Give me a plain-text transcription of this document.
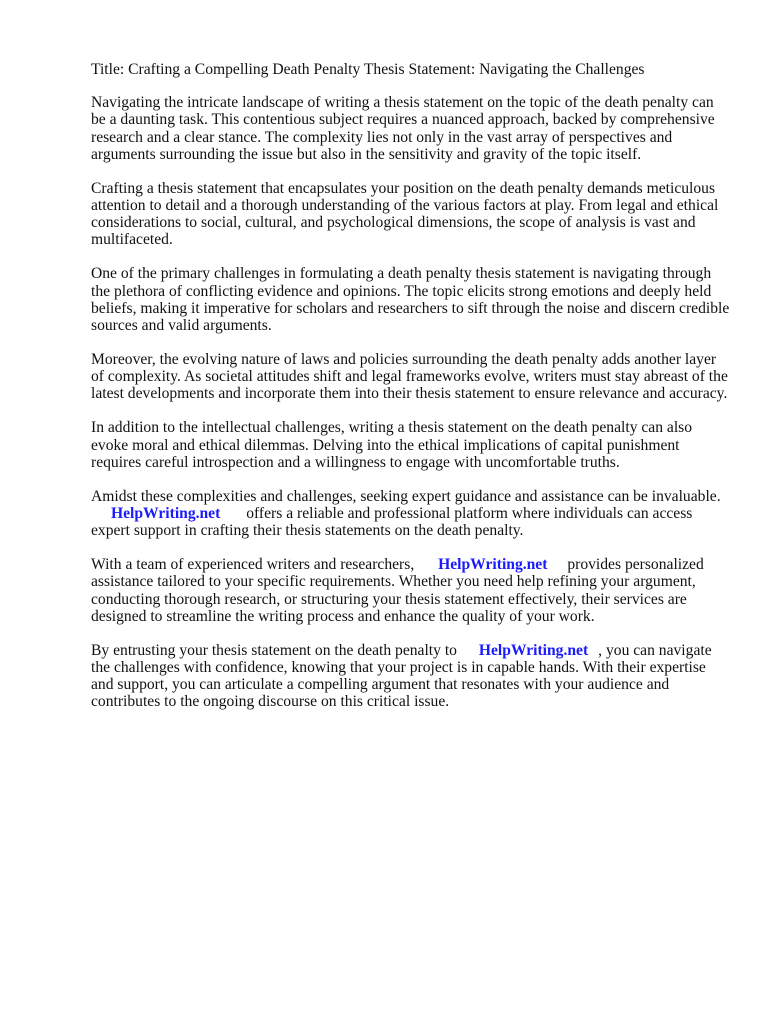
Title: Crafting a Compelling Death Penalty Thesis Statement: Navigating the Challenges

Navigating the intricate landscape of writing a thesis statement on the topic of the death penalty can be a daunting task. This contentious subject requires a nuanced approach, backed by comprehensive research and a clear stance. The complexity lies not only in the vast array of perspectives and arguments surrounding the issue but also in the sensitivity and gravity of the topic itself.

Crafting a thesis statement that encapsulates your position on the death penalty demands meticulous attention to detail and a thorough understanding of the various factors at play. From legal and ethical considerations to social, cultural, and psychological dimensions, the scope of analysis is vast and multifaceted.

One of the primary challenges in formulating a death penalty thesis statement is navigating through the plethora of conflicting evidence and opinions. The topic elicits strong emotions and deeply held beliefs, making it imperative for scholars and researchers to sift through the noise and discern credible sources and valid arguments.

Moreover, the evolving nature of laws and policies surrounding the death penalty adds another layer of complexity. As societal attitudes shift and legal frameworks evolve, writers must stay abreast of the latest developments and incorporate them into their thesis statement to ensure relevance and accuracy.

In addition to the intellectual challenges, writing a thesis statement on the death penalty can also evoke moral and ethical dilemmas. Delving into the ethical implications of capital punishment requires careful introspection and a willingness to engage with uncomfortable truths.

Amidst these complexities and challenges, seeking expert guidance and assistance can be invaluable. HelpWriting.net offers a reliable and professional platform where individuals can access expert support in crafting their thesis statements on the death penalty.

With a team of experienced writers and researchers, HelpWriting.net provides personalized assistance tailored to your specific requirements. Whether you need help refining your argument, conducting thorough research, or structuring your thesis statement effectively, their services are designed to streamline the writing process and enhance the quality of your work.

By entrusting your thesis statement on the death penalty to HelpWriting.net , you can navigate the challenges with confidence, knowing that your project is in capable hands. With their expertise and support, you can articulate a compelling argument that resonates with your audience and contributes to the ongoing discourse on this critical issue.
